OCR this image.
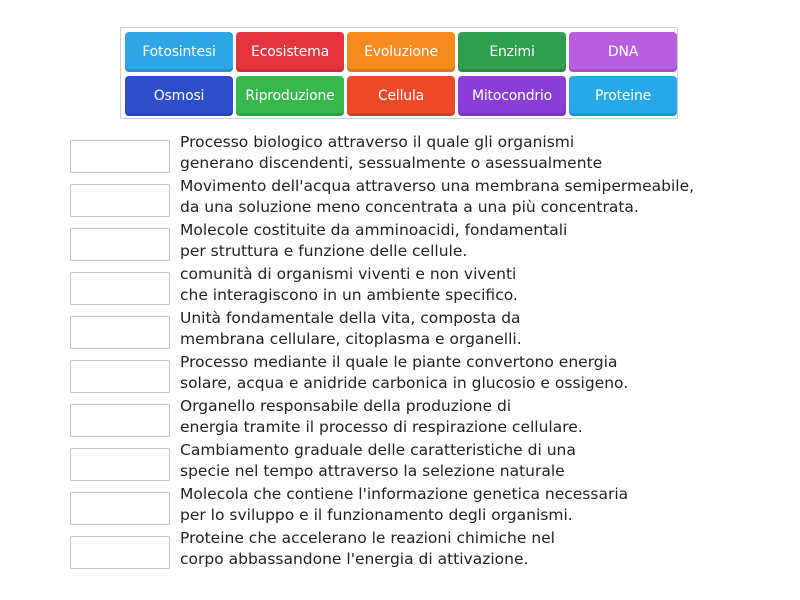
Fotosintesi	Ecosistema	Evoluzione	Enzimi	DNA
Osmosi	Riproduzione	Cellula	Mitocondrio	Proteine
Processo biologico attraverso il quale gli organismi
generano discendenti, sessualmente o asessualmente
Movimento dell'acqua attraverso una membrana semipermeabile,
da una soluzione meno concentrata a una più concentrata.
Molecole costituite da amminoacidi, fondamentali
per struttura e funzione delle cellule.
comunità di organismi viventi e non viventi
che interagiscono in un ambiente specifico.
Unità fondamentale della vita, composta da
membrana cellulare, citoplasma e organelli.
Processo mediante il quale le piante convertono energia
solare, acqua e anidride carbonica in glucosio e ossigeno.
Organello responsabile della produzione di
energia tramite il processo di respirazione cellulare.
Cambiamento graduale delle caratteristiche di una
specie nel tempo attraverso la selezione naturale
Molecola che contiene l'informazione genetica necessaria
per lo sviluppo e il funzionamento degli organismi.
Proteine che accelerano le reazioni chimiche nel
corpo abbassandone l'energia di attivazione.
